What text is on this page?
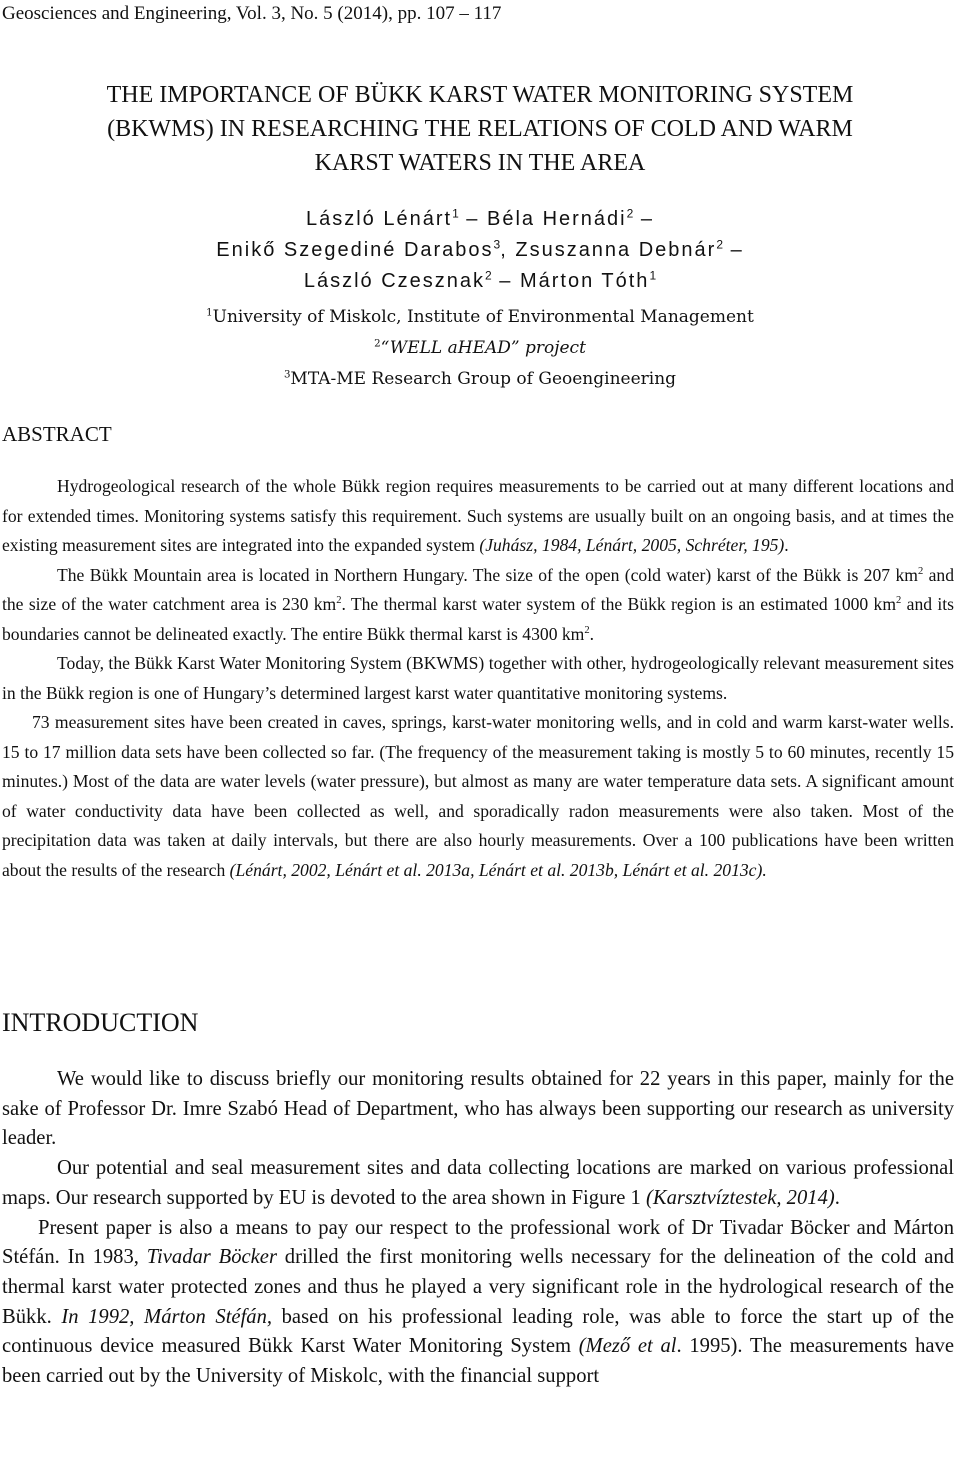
Geosciences and Engineering, Vol. 3, No. 5 (2014), pp. 107 – 117
THE IMPORTANCE OF BÜKK KARST WATER MONITORING SYSTEM
(BKWMS) IN RESEARCHING THE RELATIONS OF COLD AND WARM
KARST WATERS IN THE AREA
László Lénárt$^1$ – Béla Hernádi$^2$ –
Enikő Szegediné Darabos$^3$, Zsuszanna Debnár$^2$ –
László Czesznak$^2$ – Márton Tóth$^1$
$^1$University of Miskolc, Institute of Environmental Management
$^2$“WELL aHEAD” project
$^3$MTA-ME Research Group of Geoengineering
ABSTRACT

Hydrogeological research of the whole Bükk region requires measurements to be carried out at many different locations and for extended times. Monitoring systems satisfy this requirement. Such systems are usually built on an ongoing basis, and at times the existing measurement sites are integrated into the expanded system (Juhász, 1984, Lénárt, 2005, Schréter, 195).

The Bükk Mountain area is located in Northern Hungary. The size of the open (cold water) karst of the Bükk is 207 $km^2$ and the size of the water catchment area is 230 $km^2$. The thermal karst water system of the Bükk region is an estimated 1000 $km^2$ and its boundaries cannot be delineated exactly. The entire Bükk thermal karst is 4300 $km^2$.

Today, the Bükk Karst Water Monitoring System (BKWMS) together with other, hydrogeologically relevant measurement sites in the Bükk region is one of Hungary’s determined largest karst water quantitative monitoring systems.

73 measurement sites have been created in caves, springs, karst-water monitoring wells, and in cold and warm karst-water wells. 15 to 17 million data sets have been collected so far. (The frequency of the measurement taking is mostly 5 to 60 minutes, recently 15 minutes.) Most of the data are water levels (water pressure), but almost as many are water temperature data sets. A significant amount of water conductivity data have been collected as well, and sporadically radon measurements were also taken. Most of the precipitation data was taken at daily intervals, but there are also hourly measurements. Over a 100 publications have been written about the results of the research (Lénárt, 2002, Lénárt et al. 2013a, Lénárt et al. 2013b, Lénárt et al. 2013c).

INTRODUCTION

We would like to discuss briefly our monitoring results obtained for 22 years in this paper, mainly for the sake of Professor Dr. Imre Szabó Head of Department, who has always been supporting our research as university leader.

Our potential and seal measurement sites and data collecting locations are marked on various professional maps. Our research supported by EU is devoted to the area shown in Figure 1 (Karsztvíztestek, 2014).

Present paper is also a means to pay our respect to the professional work of Dr Tivadar Böcker and Márton Stéfán. In 1983, Tivadar Böcker drilled the first monitoring wells necessary for the delineation of the cold and thermal karst water protected zones and thus he played a very significant role in the hydrological research of the Bükk. In 1992, Márton Stéfán, based on his professional leading role, was able to force the start up of the continuous device measured Bükk Karst Water Monitoring System (Mező et al. 1995). The measurements have been carried out by the University of Miskolc, with the financial support
